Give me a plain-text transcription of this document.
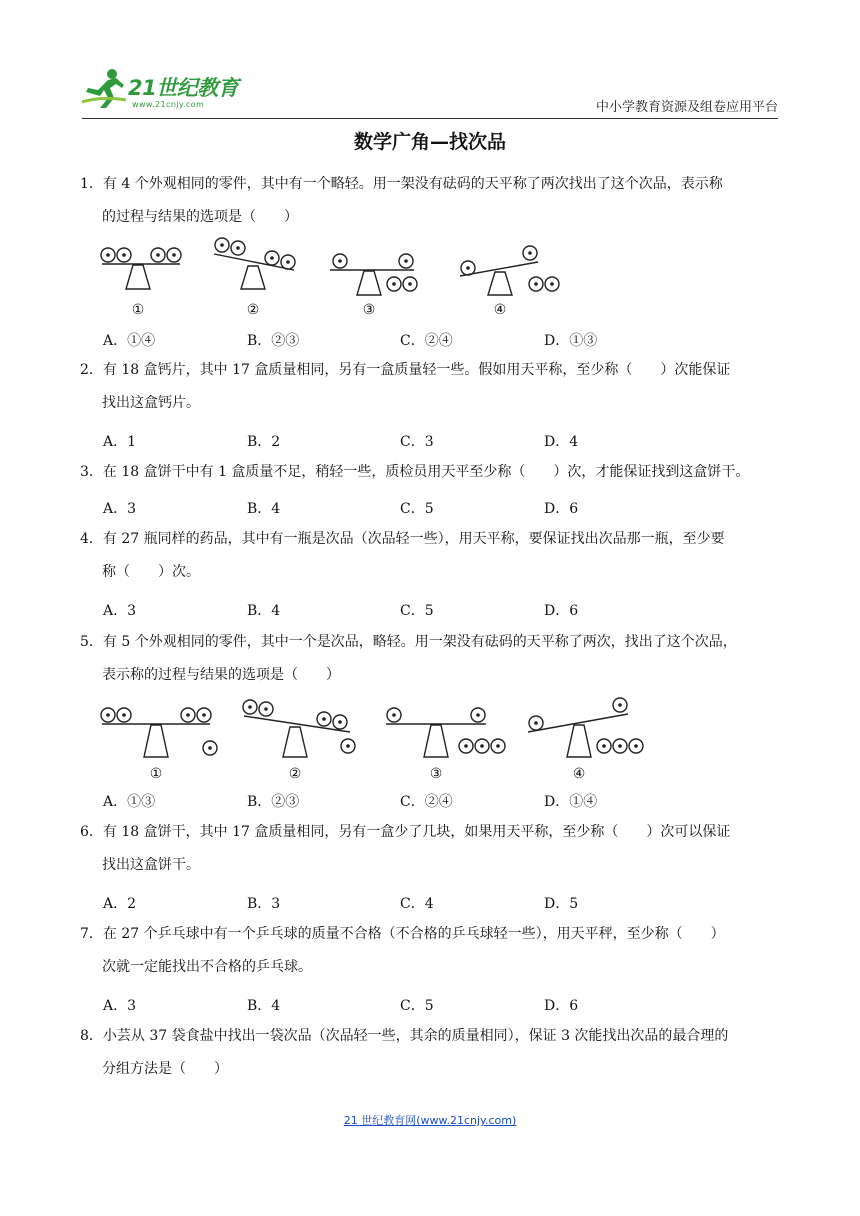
21世纪教育
www.21cnjy.com	中小学教育资源及组卷应用平台
数学广角—找次品
1．有 4 个外观相同的零件，其中有一个略轻。用一架没有砝码的天平称了两次找出了这个次品，表示称
的过程与结果的选项是（　　）
①	②	③	④
A．①④	B．②③	C．②④	D．①③
2．有 18 盒钙片，其中 17 盒质量相同，另有一盒质量轻一些。假如用天平称，至少称（　　）次能保证
找出这盒钙片。
A．1	B．2	C．3	D．4
3．在 18 盒饼干中有 1 盒质量不足，稍轻一些，质检员用天平至少称（　　）次，才能保证找到这盒饼干。
A．3	B．4	C．5	D．6
4．有 27 瓶同样的药品，其中有一瓶是次品（次品轻一些），用天平称，要保证找出次品那一瓶，至少要
称（　　）次。
A．3	B．4	C．5	D．6
5．有 5 个外观相同的零件，其中一个是次品，略轻。用一架没有砝码的天平称了两次，找出了这个次品，
表示称的过程与结果的选项是（　　）
①	②	③	④
A．①③	B．②③	C．②④	D．①④
6．有 18 盒饼干，其中 17 盒质量相同，另有一盒少了几块，如果用天平称，至少称（　　）次可以保证
找出这盒饼干。
A．2	B．3	C．4	D．5
7．在 27 个乒乓球中有一个乒乓球的质量不合格（不合格的乒乓球轻一些），用天平秤，至少称（　　）
次就一定能找出不合格的乒乓球。
A．3	B．4	C．5	D．6
8．小芸从 37 袋食盐中找出一袋次品（次品轻一些，其余的质量相同），保证 3 次能找出次品的最合理的
分组方法是（　　）
21 世纪教育网(www.21cnjy.com)
